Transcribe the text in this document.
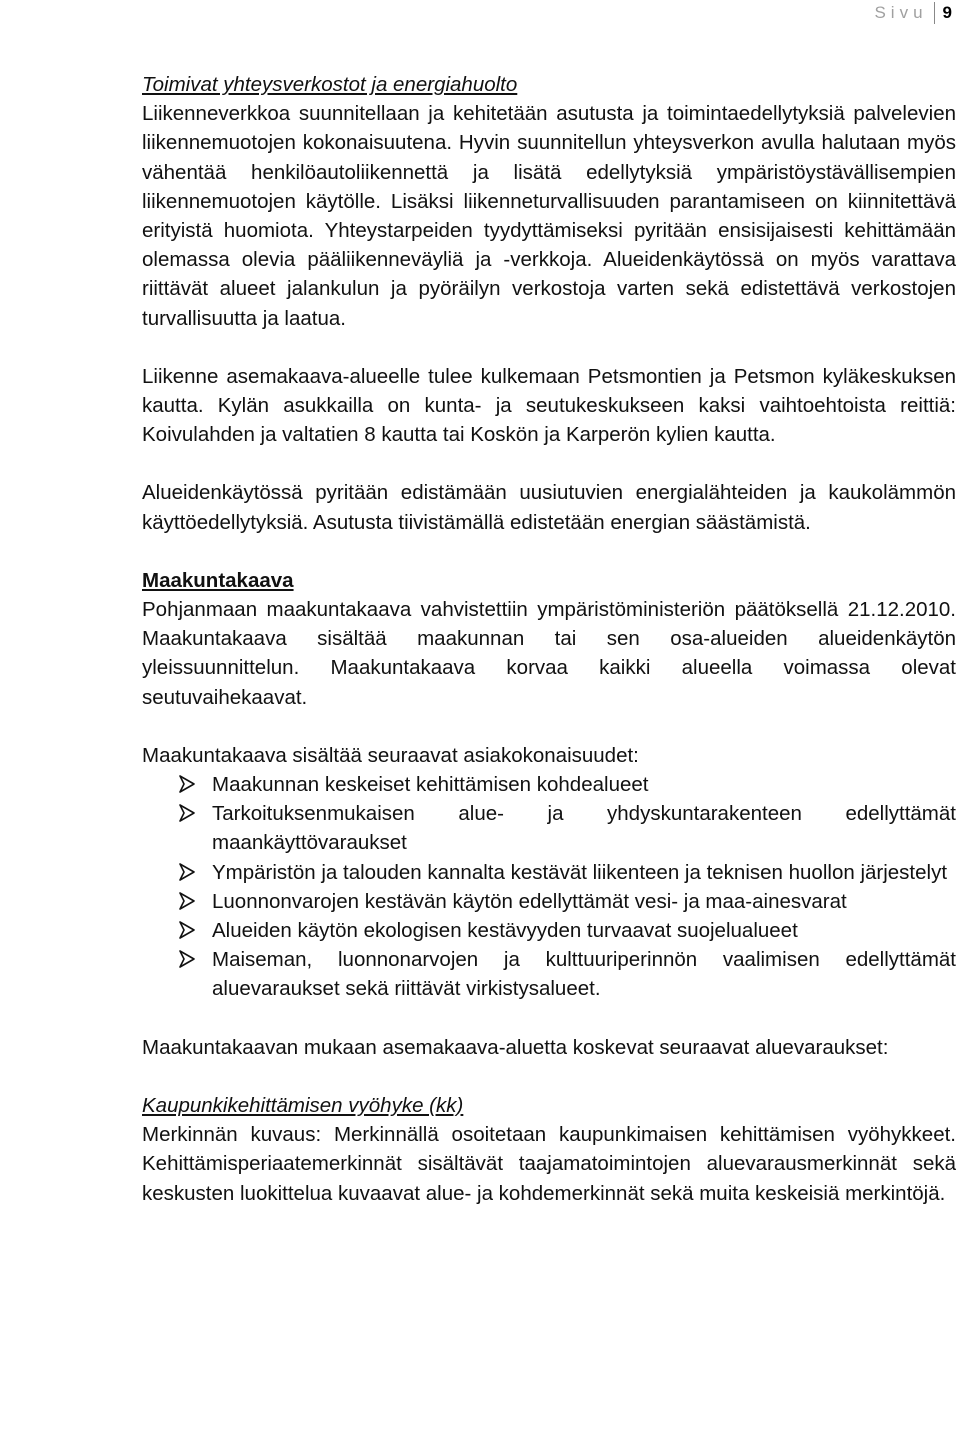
Sivu 9

Toimivat yhteysverkostot ja energiahuolto

Liikenneverkkoa suunnitellaan ja kehitetään asutusta ja toimintaedellytyksiä palvelevien liikennemuotojen kokonaisuutena. Hyvin suunnitellun yhteysverkon avulla halutaan myös vähentää henkilöautoliikennettä ja lisätä edellytyksiä ympäristöystävällisempien liikennemuotojen käytölle. Lisäksi liikenneturvallisuuden parantamiseen on kiinnitettävä erityistä huomiota. Yhteystarpeiden tyydyttämiseksi pyritään ensisijaisesti kehittämään olemassa olevia pääliikenneväyliä ja -verkkoja. Alueidenkäytössä on myös varattava riittävät alueet jalankulun ja pyöräilyn verkostoja varten sekä edistettävä verkostojen turvallisuutta ja laatua.

Liikenne asemakaava-alueelle tulee kulkemaan Petsmontien ja Petsmon kyläkeskuksen kautta. Kylän asukkailla on kunta- ja seutukeskukseen kaksi vaihtoehtoista reittiä: Koivulahden ja valtatien 8 kautta tai Koskön ja Karperön kylien kautta.

Alueidenkäytössä pyritään edistämään uusiutuvien energialähteiden ja kaukolämmön käyttöedellytyksiä. Asutusta tiivistämällä edistetään energian säästämistä.

Maakuntakaava

Pohjanmaan maakuntakaava vahvistettiin ympäristöministeriön päätöksellä 21.12.2010. Maakuntakaava sisältää maakunnan tai sen osa-alueiden alueidenkäytön yleissuunnittelun. Maakuntakaava korvaa kaikki alueella voimassa olevat seutuvaihekaavat.

Maakuntakaava sisältää seuraavat asiakokonaisuudet:

Maakunnan keskeiset kehittämisen kohdealueet
Tarkoituksenmukaisen alue- ja yhdyskuntarakenteen edellyttämät maankäyttövaraukset
Ympäristön ja talouden kannalta kestävät liikenteen ja teknisen huollon järjestelyt
Luonnonvarojen kestävän käytön edellyttämät vesi- ja maa-ainesvarat
Alueiden käytön ekologisen kestävyyden turvaavat suojelualueet
Maiseman, luonnonarvojen ja kulttuuriperinnön vaalimisen edellyttämät aluevaraukset sekä riittävät virkistysalueet.

Maakuntakaavan mukaan asemakaava-aluetta koskevat seuraavat aluevaraukset:

Kaupunkikehittämisen vyöhyke (kk)

Merkinnän kuvaus: Merkinnällä osoitetaan kaupunkimaisen kehittämisen vyöhykkeet. Kehittämisperiaatemerkinnät sisältävät taajamatoimintojen aluevarausmerkinnät sekä keskusten luokittelua kuvaavat alue- ja kohdemerkinnät sekä muita keskeisiä merkintöjä.
